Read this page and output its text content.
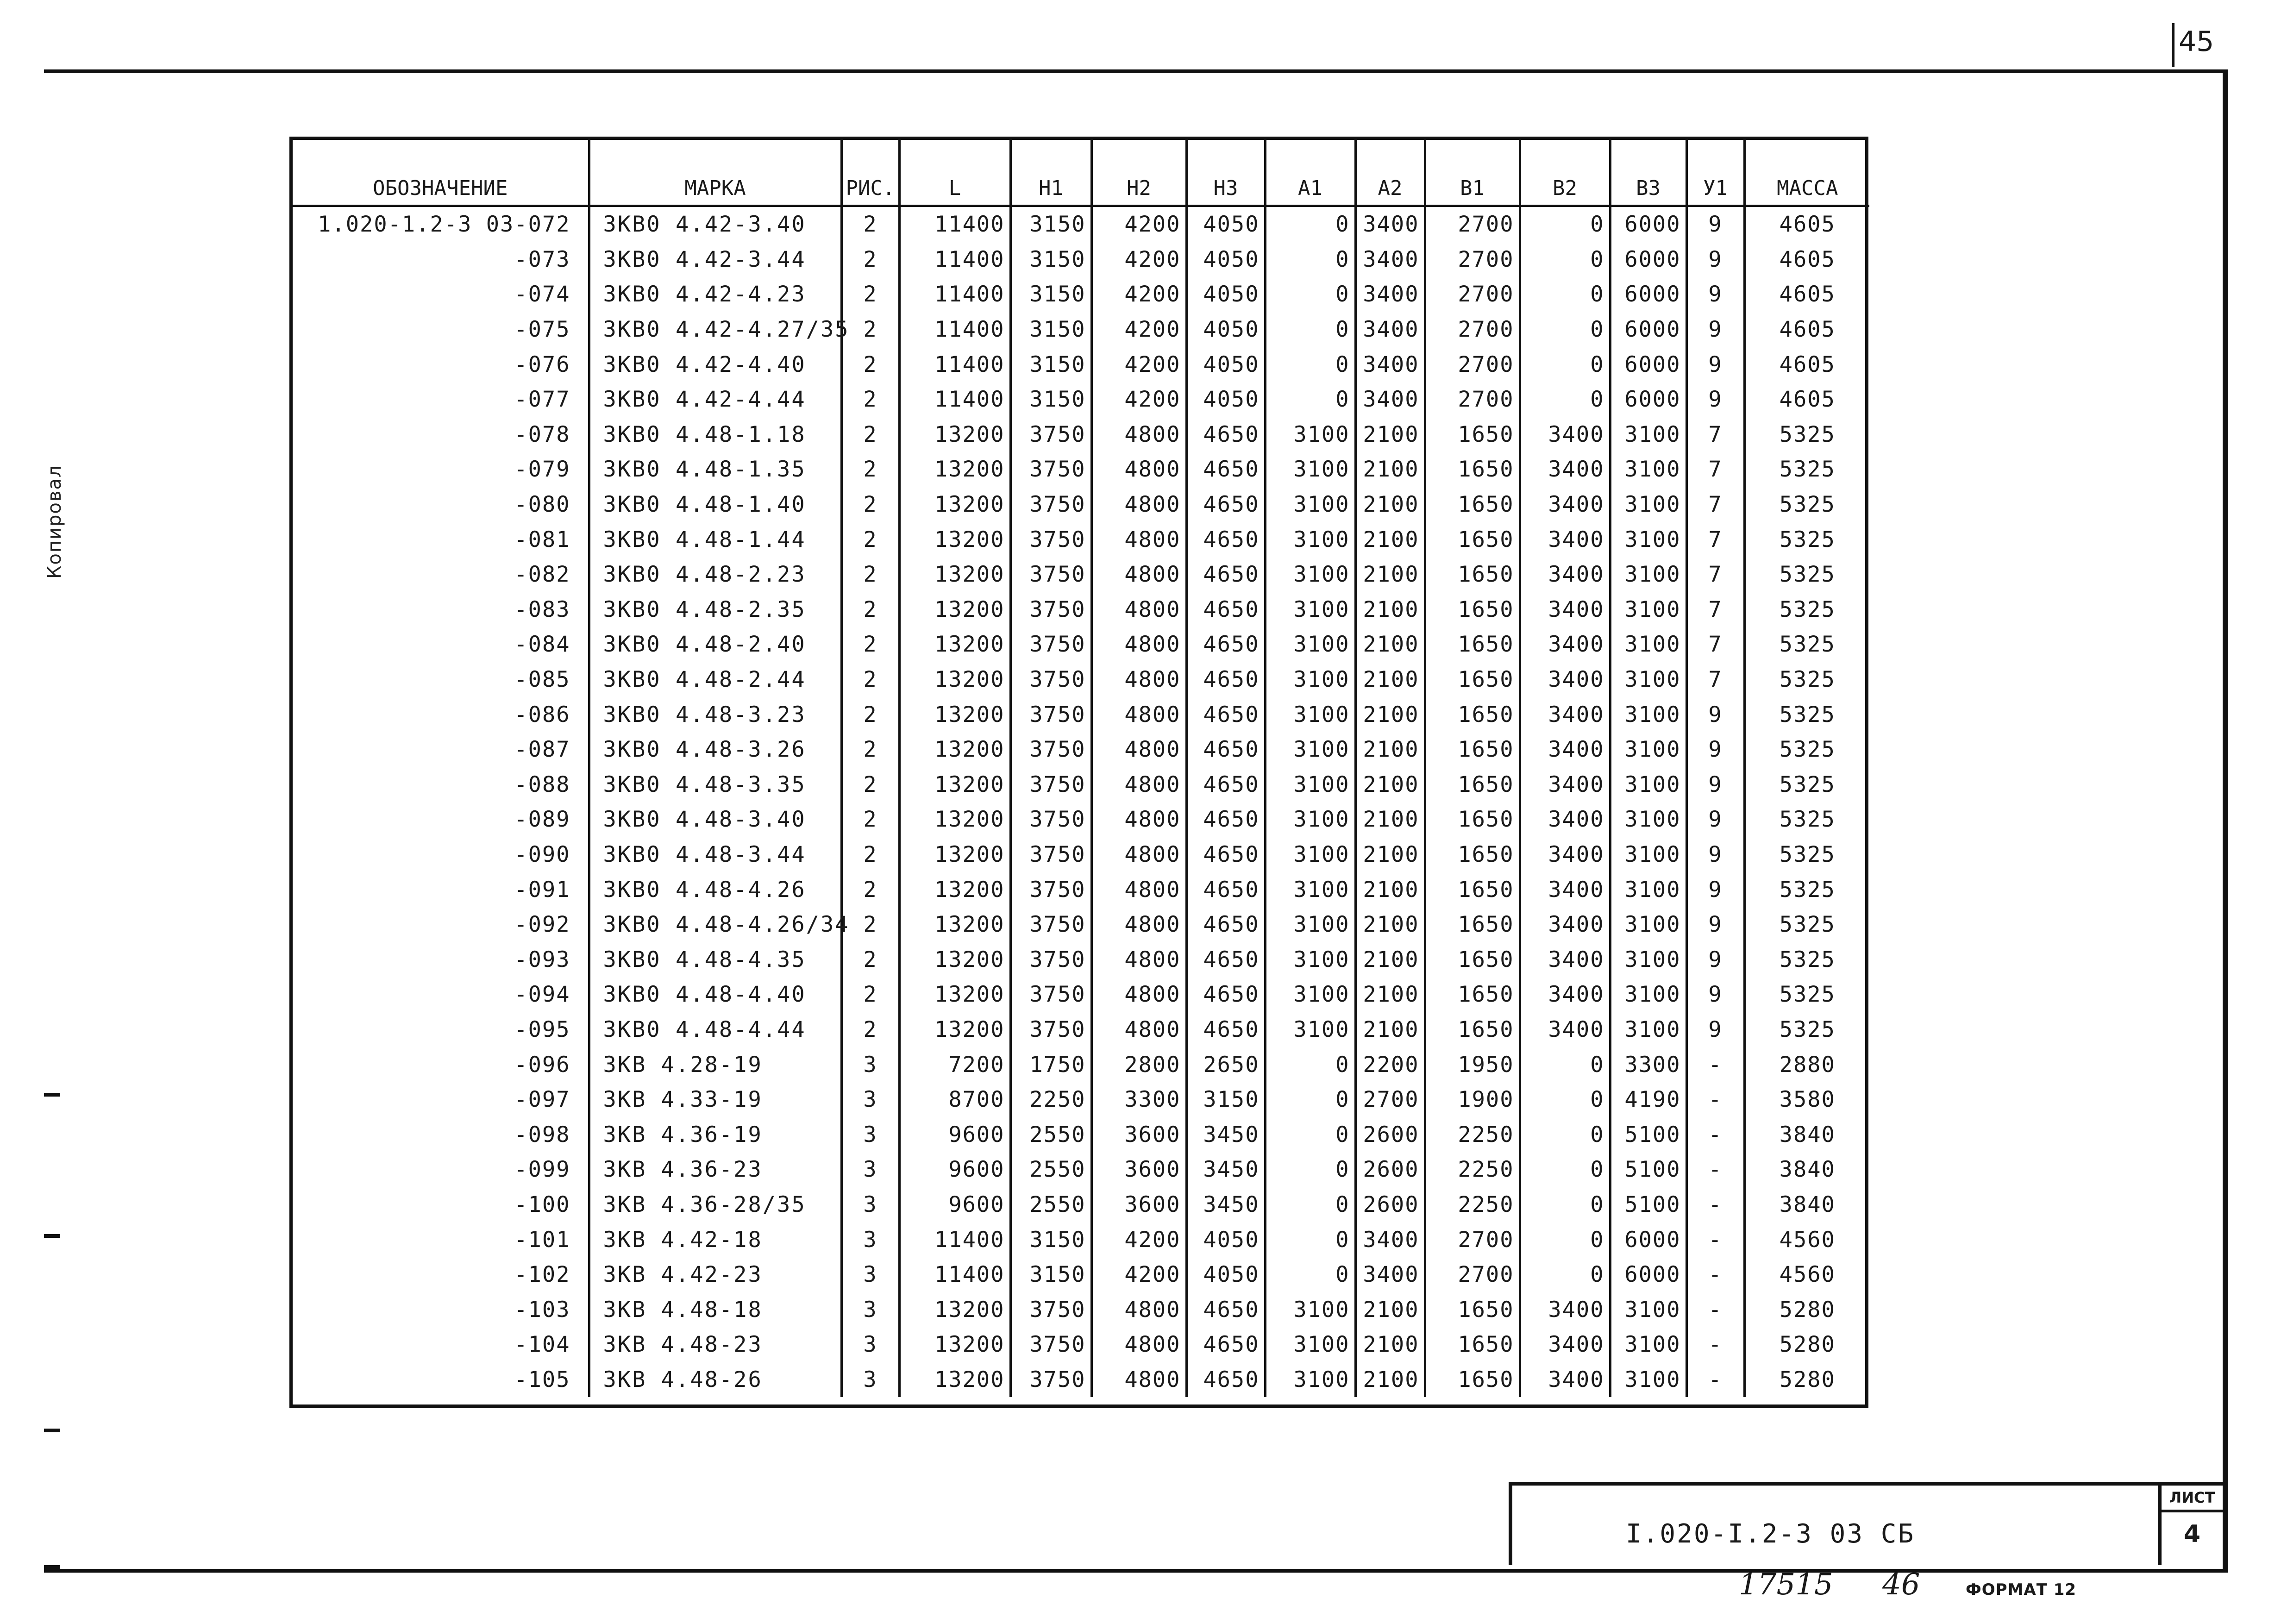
45
Копировал
ОБОЗНАЧЕНИЕ	МАРКА	РИС.	L	Н1	Н2	Н3	А1	А2	В1	В2	В3	У1	МАССА
1.020-1.2-3 03-072	ЗКВ0 4.42-3.40	2	11400	3150	4200	4050	0	3400	2700	0	6000	9	4605
-073	ЗКВ0 4.42-3.44	2	11400	3150	4200	4050	0	3400	2700	0	6000	9	4605
-074	ЗКВ0 4.42-4.23	2	11400	3150	4200	4050	0	3400	2700	0	6000	9	4605
-075	ЗКВ0 4.42-4.27/35	2	11400	3150	4200	4050	0	3400	2700	0	6000	9	4605
-076	ЗКВ0 4.42-4.40	2	11400	3150	4200	4050	0	3400	2700	0	6000	9	4605
-077	ЗКВ0 4.42-4.44	2	11400	3150	4200	4050	0	3400	2700	0	6000	9	4605
-078	ЗКВ0 4.48-1.18	2	13200	3750	4800	4650	3100	2100	1650	3400	3100	7	5325
-079	ЗКВ0 4.48-1.35	2	13200	3750	4800	4650	3100	2100	1650	3400	3100	7	5325
-080	ЗКВ0 4.48-1.40	2	13200	3750	4800	4650	3100	2100	1650	3400	3100	7	5325
-081	ЗКВ0 4.48-1.44	2	13200	3750	4800	4650	3100	2100	1650	3400	3100	7	5325
-082	ЗКВ0 4.48-2.23	2	13200	3750	4800	4650	3100	2100	1650	3400	3100	7	5325
-083	ЗКВ0 4.48-2.35	2	13200	3750	4800	4650	3100	2100	1650	3400	3100	7	5325
-084	ЗКВ0 4.48-2.40	2	13200	3750	4800	4650	3100	2100	1650	3400	3100	7	5325
-085	ЗКВ0 4.48-2.44	2	13200	3750	4800	4650	3100	2100	1650	3400	3100	7	5325
-086	ЗКВ0 4.48-3.23	2	13200	3750	4800	4650	3100	2100	1650	3400	3100	9	5325
-087	ЗКВ0 4.48-3.26	2	13200	3750	4800	4650	3100	2100	1650	3400	3100	9	5325
-088	ЗКВ0 4.48-3.35	2	13200	3750	4800	4650	3100	2100	1650	3400	3100	9	5325
-089	ЗКВ0 4.48-3.40	2	13200	3750	4800	4650	3100	2100	1650	3400	3100	9	5325
-090	ЗКВ0 4.48-3.44	2	13200	3750	4800	4650	3100	2100	1650	3400	3100	9	5325
-091	ЗКВ0 4.48-4.26	2	13200	3750	4800	4650	3100	2100	1650	3400	3100	9	5325
-092	ЗКВ0 4.48-4.26/34	2	13200	3750	4800	4650	3100	2100	1650	3400	3100	9	5325
-093	ЗКВ0 4.48-4.35	2	13200	3750	4800	4650	3100	2100	1650	3400	3100	9	5325
-094	ЗКВ0 4.48-4.40	2	13200	3750	4800	4650	3100	2100	1650	3400	3100	9	5325
-095	ЗКВ0 4.48-4.44	2	13200	3750	4800	4650	3100	2100	1650	3400	3100	9	5325
-096	ЗКВ 4.28-19	3	7200	1750	2800	2650	0	2200	1950	0	3300	-	2880
-097	ЗКВ 4.33-19	3	8700	2250	3300	3150	0	2700	1900	0	4190	-	3580
-098	ЗКВ 4.36-19	3	9600	2550	3600	3450	0	2600	2250	0	5100	-	3840
-099	ЗКВ 4.36-23	3	9600	2550	3600	3450	0	2600	2250	0	5100	-	3840
-100	ЗКВ 4.36-28/35	3	9600	2550	3600	3450	0	2600	2250	0	5100	-	3840
-101	ЗКВ 4.42-18	3	11400	3150	4200	4050	0	3400	2700	0	6000	-	4560
-102	ЗКВ 4.42-23	3	11400	3150	4200	4050	0	3400	2700	0	6000	-	4560
-103	ЗКВ 4.48-18	3	13200	3750	4800	4650	3100	2100	1650	3400	3100	-	5280
-104	ЗКВ 4.48-23	3	13200	3750	4800	4650	3100	2100	1650	3400	3100	-	5280
-105	ЗКВ 4.48-26	3	13200	3750	4800	4650	3100	2100	1650	3400	3100	-	5280
I.020-I.2-3 03 СБ
ЛИСТ
4
17515 46	ФОРМАТ 12
